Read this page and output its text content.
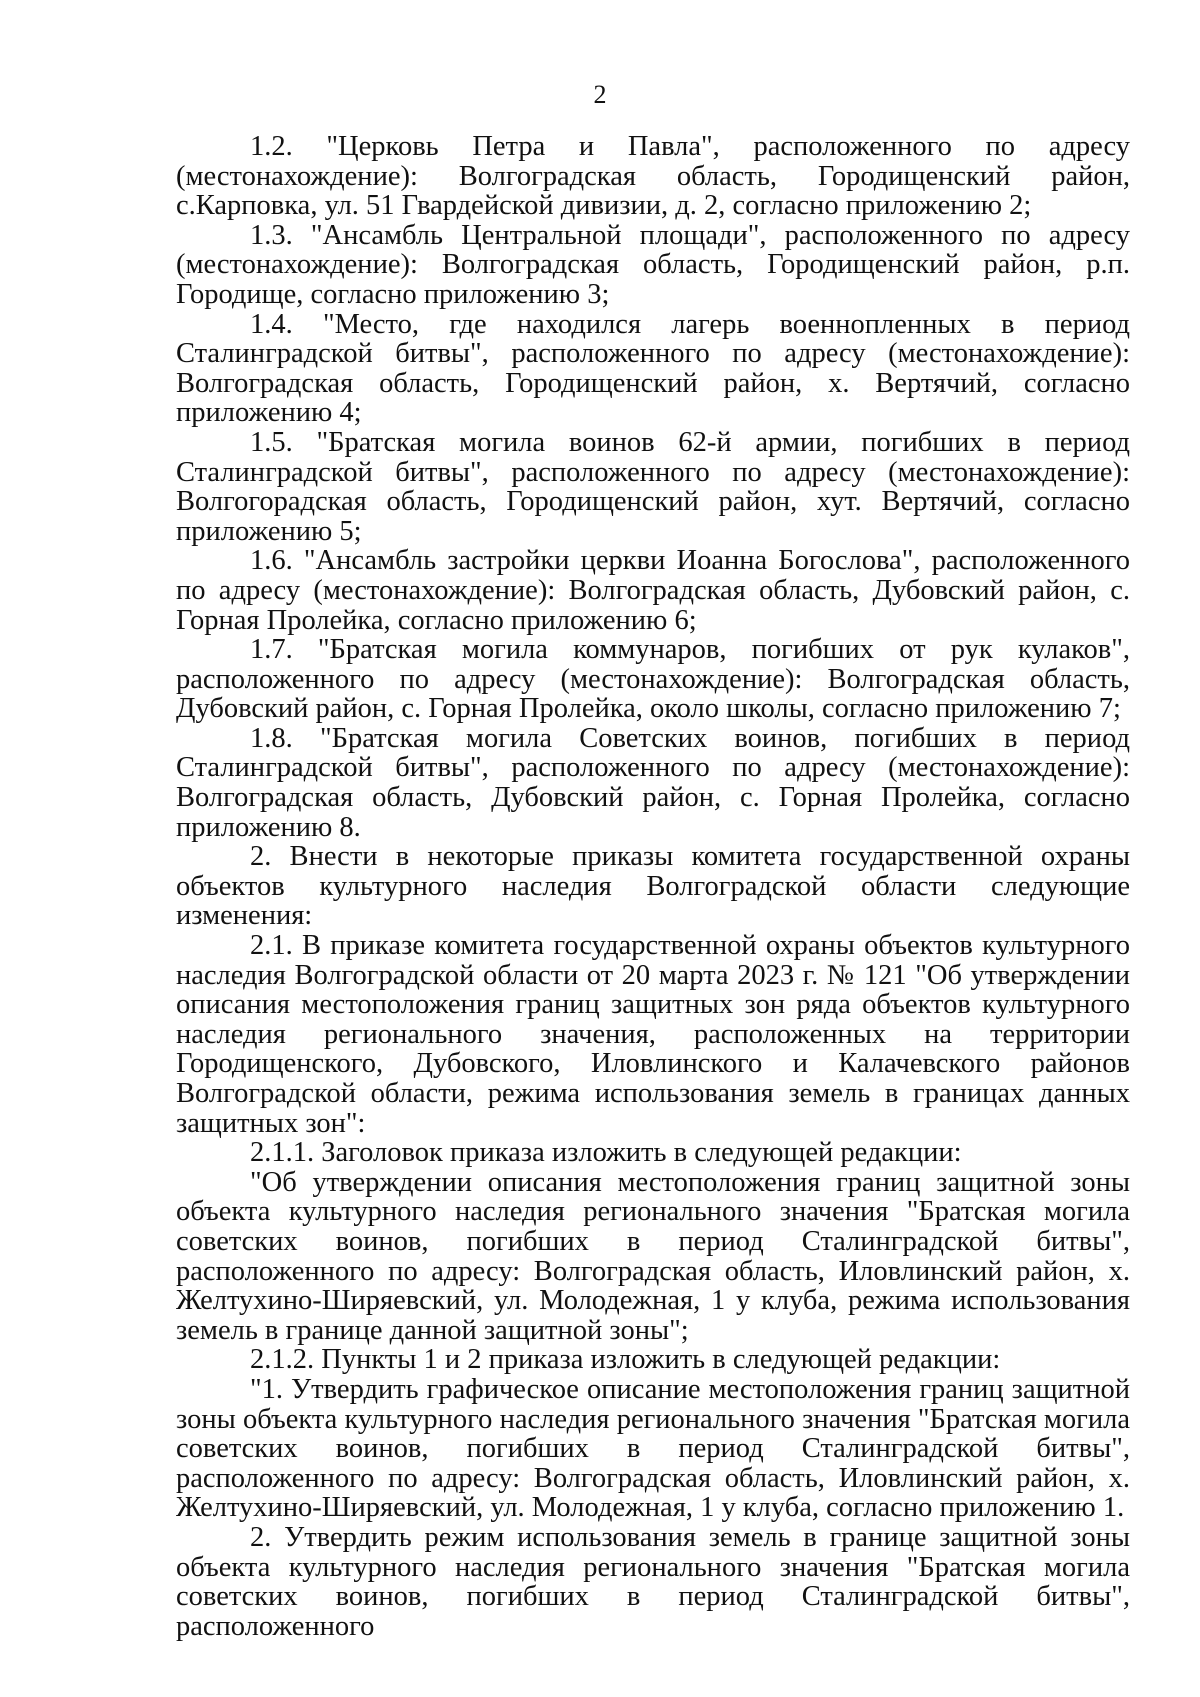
2

1.2. "Церковь Петра и Павла", расположенного по адресу (местонахождение): Волгоградская область, Городищенский район, с.Карповка, ул. 51 Гвардейской дивизии, д. 2, согласно приложению 2;

1.3. "Ансамбль Центральной площади", расположенного по адресу (местонахождение): Волгоградская область, Городищенский район, р.п. Городище, согласно приложению 3;

1.4. "Место, где находился лагерь военнопленных в период Сталинградской битвы", расположенного по адресу (местонахождение): Волгоградская область, Городищенский район, х. Вертячий, согласно приложению 4;

1.5. "Братская могила воинов 62-й армии, погибших в период Сталинградской битвы", расположенного по адресу (местонахождение): Волгогорадская область, Городищенский район, хут. Вертячий, согласно приложению 5;

1.6. "Ансамбль застройки церкви Иоанна Богослова", расположенного по адресу (местонахождение): Волгоградская область, Дубовский район, с. Горная Пролейка, согласно приложению 6;

1.7. "Братская могила коммунаров, погибших от рук кулаков", расположенного по адресу (местонахождение): Волгоградская область, Дубовский район, с. Горная Пролейка, около школы, согласно приложению 7;

1.8. "Братская могила Советских воинов, погибших в период Сталинградской битвы", расположенного по адресу (местонахождение): Волгоградская область, Дубовский район, с. Горная Пролейка, согласно приложению 8.

2. Внести в некоторые приказы комитета государственной охраны объектов культурного наследия Волгоградской области следующие изменения:

2.1. В приказе комитета государственной охраны объектов культурного наследия Волгоградской области от 20 марта 2023 г. № 121 "Об утверждении описания местоположения границ защитных зон ряда объектов культурного наследия регионального значения, расположенных на территории Городищенского, Дубовского, Иловлинского и Калачевского районов Волгоградской области, режима использования земель в границах данных защитных зон":

2.1.1. Заголовок приказа изложить в следующей редакции:

"Об утверждении описания местоположения границ защитной зоны объекта культурного наследия регионального значения "Братская могила советских воинов, погибших в период Сталинградской битвы", расположенного по адресу: Волгоградская область, Иловлинский район, х. Желтухино-Ширяевский, ул. Молодежная, 1 у клуба, режима использования земель в границе данной защитной зоны";

2.1.2. Пункты 1 и 2 приказа изложить в следующей редакции:

"1. Утвердить графическое описание местоположения границ защитной зоны объекта культурного наследия регионального значения "Братская могила советских воинов, погибших в период Сталинградской битвы", расположенного по адресу: Волгоградская область, Иловлинский район, х. Желтухино-Ширяевский, ул. Молодежная, 1 у клуба, согласно приложению 1.

2. Утвердить режим использования земель в границе защитной зоны объекта культурного наследия регионального значения "Братская могила советских воинов, погибших в период Сталинградской битвы", расположенного
